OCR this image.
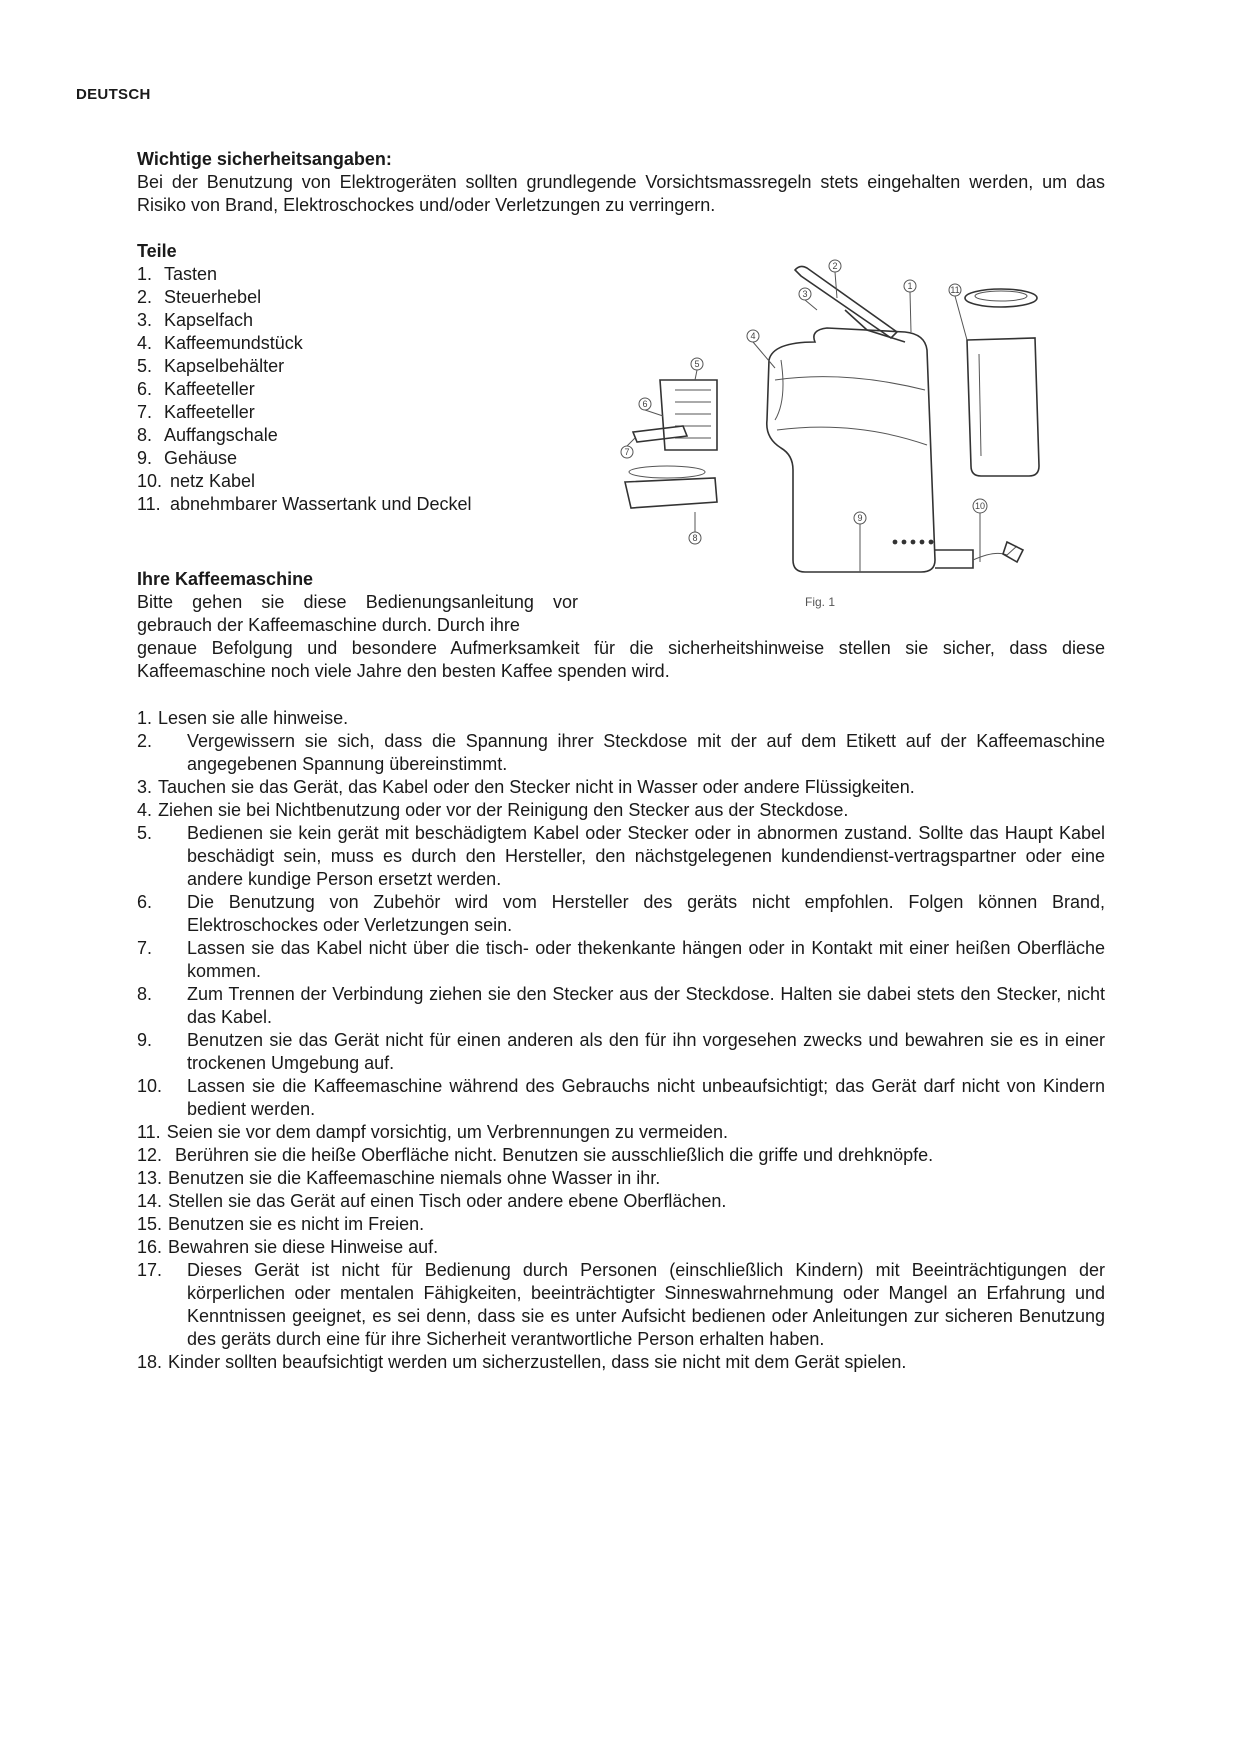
DEUTSCH
Wichtige sicherheitsangaben:
Bei der Benutzung von Elektrogeräten sollten grundlegende Vorsichtsmassregeln stets eingehalten werden, um das Risiko von Brand, Elektroschockes und/oder Verletzungen zu verringern.
Teile
1. Tasten
2. Steuerhebel
3. Kapselfach
4. Kaffeemundstück
5. Kapselbehälter
6. Kaffeeteller
7. Kaffeeteller
8. Auffangschale
9. Gehäuse
10. netz Kabel
11. abnehmbarer Wassertank und Deckel
2
3
1	11
4
5
6
7
8
9
10
Fig. 1
Ihre Kaffeemaschine
Bitte gehen sie diese Bedienungsanleitung vor
gebrauch der Kaffeemaschine durch. Durch ihre
genaue Befolgung und besondere Aufmerksamkeit für die sicherheitshinweise stellen sie sicher, dass diese Kaffeemaschine noch viele Jahre den besten Kaffee spenden wird.
1. Lesen sie alle hinweise.
2.	Vergewissern sie sich, dass die Spannung ihrer Steckdose mit der auf dem Etikett auf der Kaffeemaschine angegebenen Spannung übereinstimmt.
3. Tauchen sie das Gerät, das Kabel oder den Stecker nicht in Wasser oder andere Flüssigkeiten.
4. Ziehen sie bei Nichtbenutzung oder vor der Reinigung den Stecker aus der Steckdose.
5.	Bedienen sie kein gerät mit beschädigtem Kabel oder Stecker oder in abnormen zustand. Sollte das Haupt Kabel beschädigt sein, muss es durch den Hersteller, den nächstgelegenen kundendienst-vertragspartner oder eine andere kundige Person ersetzt werden.
6.	Die Benutzung von Zubehör wird vom Hersteller des geräts nicht empfohlen. Folgen können Brand, Elektroschockes oder Verletzungen sein.
7.	Lassen sie das Kabel nicht über die tisch- oder thekenkante hängen oder in Kontakt mit einer heißen Oberfläche kommen.
8.	Zum Trennen der Verbindung ziehen sie den Stecker aus der Steckdose. Halten sie dabei stets den Stecker, nicht das Kabel.
9.	Benutzen sie das Gerät nicht für einen anderen als den für ihn vorgesehen zwecks und bewahren sie es in einer trockenen Umgebung auf.
10.	Lassen sie die Kaffeemaschine während des Gebrauchs nicht unbeaufsichtigt; das Gerät darf nicht von Kindern bedient werden.
11. Seien sie vor dem dampf vorsichtig, um Verbrennungen zu vermeiden.
12. Berühren sie die heiße Oberfläche nicht. Benutzen sie ausschließlich die griffe und drehknöpfe.
13. Benutzen sie die Kaffeemaschine niemals ohne Wasser in ihr.
14. Stellen sie das Gerät auf einen Tisch oder andere ebene Oberflächen.
15. Benutzen sie es nicht im Freien.
16. Bewahren sie diese Hinweise auf.
17.	Dieses Gerät ist nicht für Bedienung durch Personen (einschließlich Kindern) mit Beeinträchtigungen der körperlichen oder mentalen Fähigkeiten, beeinträchtigter Sinneswahrnehmung oder Mangel an Erfahrung und Kenntnissen geeignet, es sei denn, dass sie es unter Aufsicht bedienen oder Anleitungen zur sicheren Benutzung des geräts durch eine für ihre Sicherheit verantwortliche Person erhalten haben.
18. Kinder sollten beaufsichtigt werden um sicherzustellen, dass sie nicht mit dem Gerät spielen.
